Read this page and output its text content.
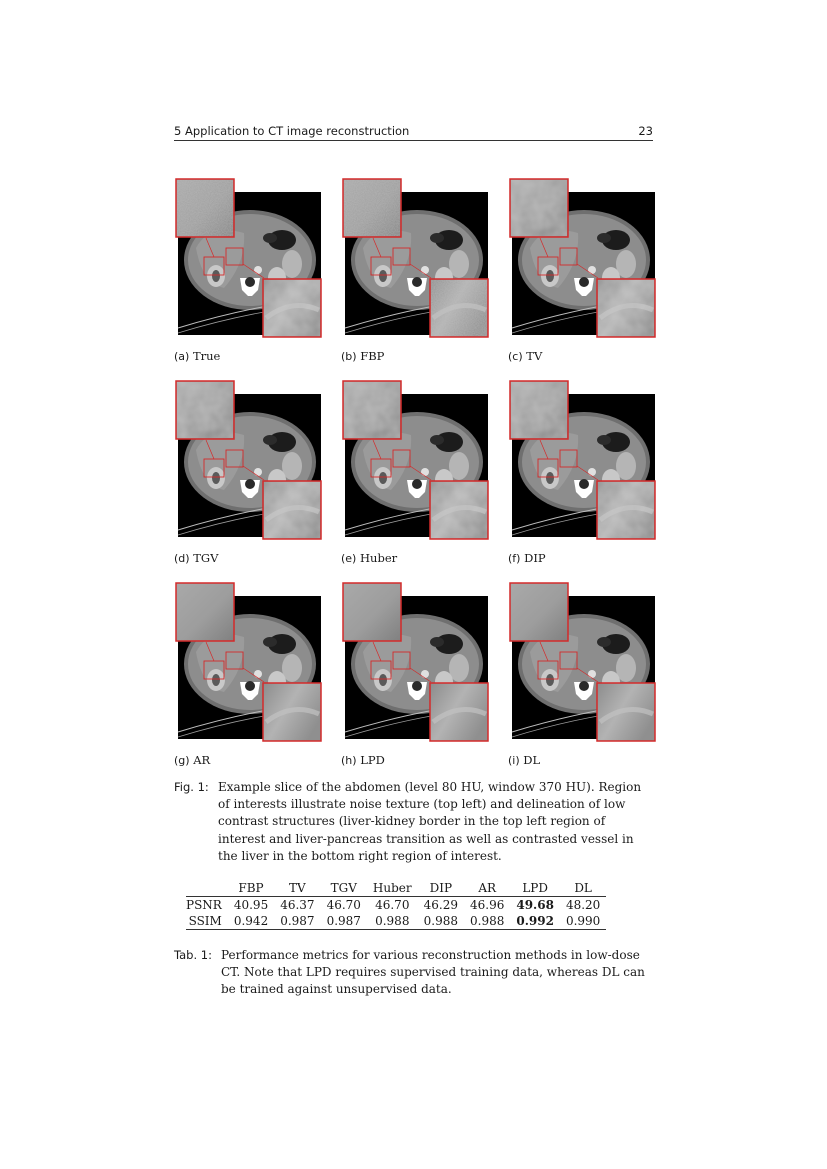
5 Application to CT image reconstruction	23
(a) True	(b) FBP	(c) TV
(d) TGV	(e) Huber	(f) DIP
(g) AR	(h) LPD	(i) DL
Fig. 1: Example slice of the abdomen (level 80 HU, window 370 HU). Region of interests illustrate noise texture (top left) and delineation of low contrast structures (liver-kidney border in the top left region of interest and liver-pancreas transition as well as contrasted vessel in the liver in the bottom right region of interest.
	FBP	TV	TGV	Huber	DIP	AR	LPD	DL
PSNR	40.95	46.37	46.70	46.70	46.29	46.96	49.68	48.20
SSIM	0.942	0.987	0.987	0.988	0.988	0.988	0.992	0.990
Tab. 1: Performance metrics for various reconstruction methods in low-dose CT. Note that LPD requires supervised training data, whereas DL can be trained against unsupervised data.
